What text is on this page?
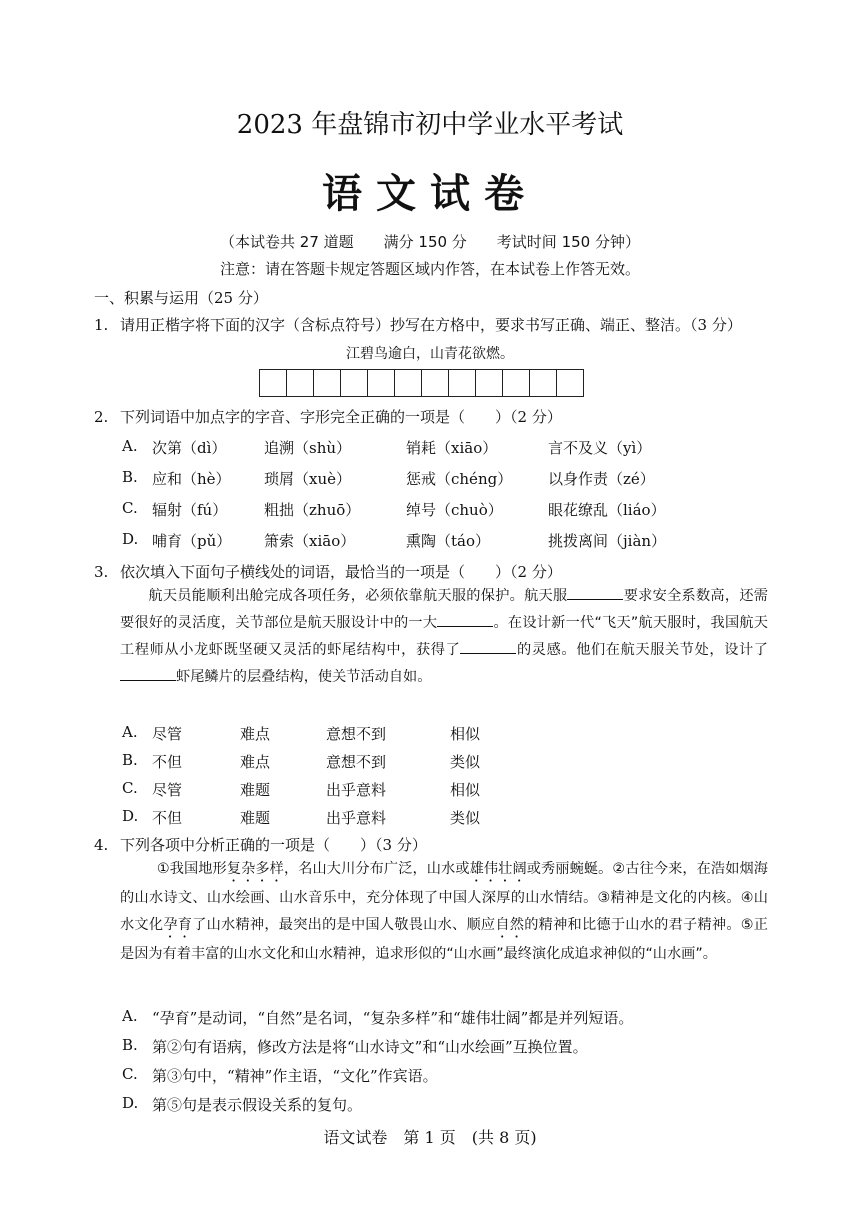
2023 年盘锦市初中学业水平考试
语文试卷
（本试卷共 27 道题　　满分 150 分　　考试时间 150 分钟）
注意：请在答题卡规定答题区域内作答，在本试卷上作答无效。
一、积累与运用（25 分）
1. 请用正楷字将下面的汉字（含标点符号）抄写在方格中，要求书写正确、端正、整洁。（3 分）
江碧鸟逾白，山青花欲燃。
2. 下列词语中加点字的字音、字形完全正确的一项是（　　）（2 分）
A. 次第（dì）	追溯（shù）	销耗（xiāo）	言不及义（yì）
B. 应和（hè） 琐屑（xuè）	惩戒（chéng） 以身作责（zé）
C. 辐射（fú） 粗拙（zhuō）	绰号（chuò）	眼花缭乱（liáo）
D. 哺育（pǔ） 箫索（xiāo）	熏陶（táo）	挑拨离间（jiàn）
3. 依次填入下面句子横线处的词语，最恰当的一项是（　　）（2 分）

航天员能顺利出舱完成各项任务，必须依靠航天服的保护。航天服	要求安全系数高，还需要很好的灵活度，关节部位是航天服设计中的一大	。在设计新一代“飞天”航天服时，我国航天工程师从小龙虾既坚硬又灵活的虾尾结构中，获得了	的灵感。他们在航天服关节处，设计了虾尾鳞片的层叠结构，使关节活动自如。

A. 尽管	难点	意想不到	相似
B. 不但	难点	意想不到	类似
C. 尽管	难题	出乎意料	相似
D. 不但	难题	出乎意料	类似
4. 下列各项中分析正确的一项是（　　）（3 分）

①我国地形复杂多样，名山大川分布广泛，山水或雄伟壮阔或秀丽蜿蜒。②古往今来，在浩如烟海的山水诗文、山水绘画、山水音乐中，充分体现了中国人深厚的山水情结。③精神是文化的内核。④山水文化孕育了山水精神，最突出的是中国人敬畏山水、顺应自然的精神和比德于山水的君子精神。⑤正是因为有着丰富的山水文化和山水精神，追求形似的“山水画”最终演化成追求神似的“山水画”。

A. “孕育”是动词，“自然”是名词，“复杂多样”和“雄伟壮阔”都是并列短语。
B. 第②句有语病，修改方法是将“山水诗文”和“山水绘画”互换位置。
C. 第③句中，“精神”作主语，“文化”作宾语。
D. 第⑤句是表示假设关系的复句。
语文试卷　第 1 页　(共 8 页)
